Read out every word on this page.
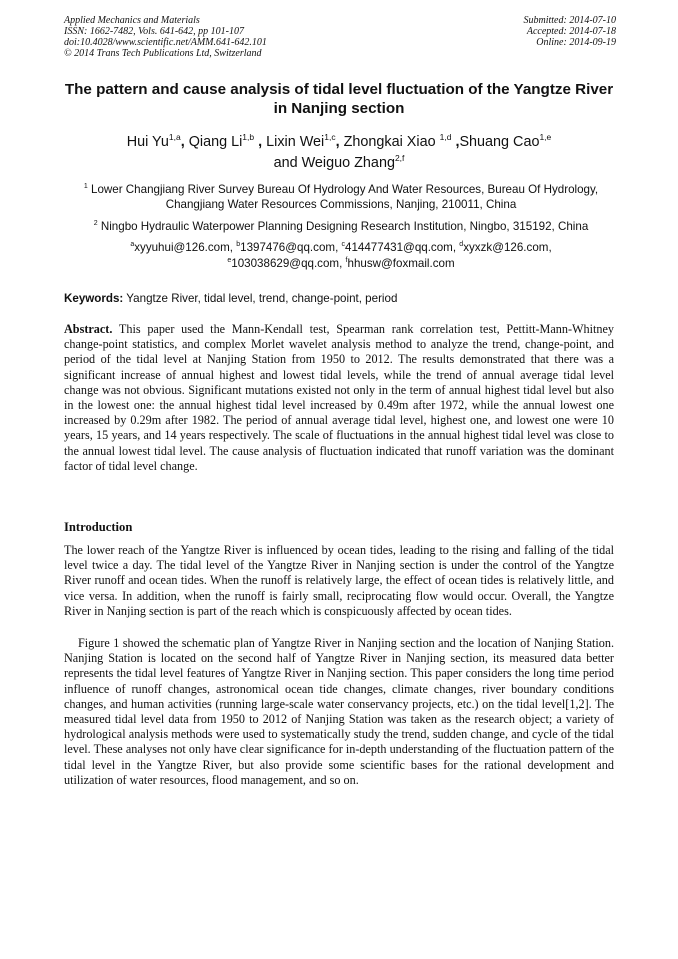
Applied Mechanics and Materials
ISSN: 1662-7482, Vols. 641-642, pp 101-107
doi:10.4028/www.scientific.net/AMM.641-642.101
© 2014 Trans Tech Publications Ltd, Switzerland
Submitted: 2014-07-10
Accepted: 2014-07-18
Online: 2014-09-19
The pattern and cause analysis of tidal level fluctuation of the Yangtze River in Nanjing section
Hui Yu$^{1,a}$, Qiang Li$^{1,b}$ , Lixin Wei$^{1,c}$, Zhongkai Xiao $^{1,d}$ ,Shuang Cao$^{1,e}$
and Weiguo Zhang$^{2,f}$
$^1$ Lower Changjiang River Survey Bureau Of Hydrology And Water Resources, Bureau Of Hydrology, Changjiang Water Resources Commissions, Nanjing, 210011, China
$^2$ Ningbo Hydraulic Waterpower Planning Designing Research Institution, Ningbo, 315192, China
$^a$xyyuhui@126.com, $^b$1397476@qq.com, $^c$414477431@qq.com, $^d$xyxzk@126.com,
$^e$103038629@qq.com, $^f$hhusw@foxmail.com
Keywords: Yangtze River, tidal level, trend, change-point, period
Abstract. This paper used the Mann-Kendall test, Spearman rank correlation test, Pettitt-Mann-Whitney change-point statistics, and complex Morlet wavelet analysis method to analyze the trend, change-point, and period of the tidal level at Nanjing Station from 1950 to 2012. The results demonstrated that there was a significant increase of annual highest and lowest tidal levels, while the trend of annual average tidal level change was not obvious. Significant mutations existed not only in the term of annual highest tidal level but also in the lowest one: the annual highest tidal level increased by 0.49m after 1972, while the annual lowest one increased by 0.29m after 1982. The period of annual average tidal level, highest one, and lowest one were 10 years, 15 years, and 14 years respectively. The scale of fluctuations in the annual highest tidal level was close to the annual lowest tidal level. The cause analysis of fluctuation indicated that runoff variation was the dominant factor of tidal level change.
Introduction
The lower reach of the Yangtze River is influenced by ocean tides, leading to the rising and falling of the tidal level twice a day. The tidal level of the Yangtze River in Nanjing section is under the control of the Yangtze River runoff and ocean tides. When the runoff is relatively large, the effect of ocean tides is relatively little, and vice versa. In addition, when the runoff is fairly small, reciprocating flow would occur. Overall, the Yangtze River in Nanjing section is part of the reach which is conspicuously affected by ocean tides.
Figure 1 showed the schematic plan of Yangtze River in Nanjing section and the location of Nanjing Station. Nanjing Station is located on the second half of Yangtze River in Nanjing section, its measured data better represents the tidal level features of Yangtze River in Nanjing section. This paper considers the long time period influence of runoff changes, astronomical ocean tide changes, climate changes, river boundary conditions changes, and human activities (running large-scale water conservancy projects, etc.) on the tidal level[1,2]. The measured tidal level data from 1950 to 2012 of Nanjing Station was taken as the research object; a variety of hydrological analysis methods were used to systematically study the trend, sudden change, and cycle of the tidal level. These analyses not only have clear significance for in-depth understanding of the fluctuation pattern of the tidal level in the Yangtze River, but also provide some scientific bases for the rational development and utilization of water resources, flood management, and so on.
